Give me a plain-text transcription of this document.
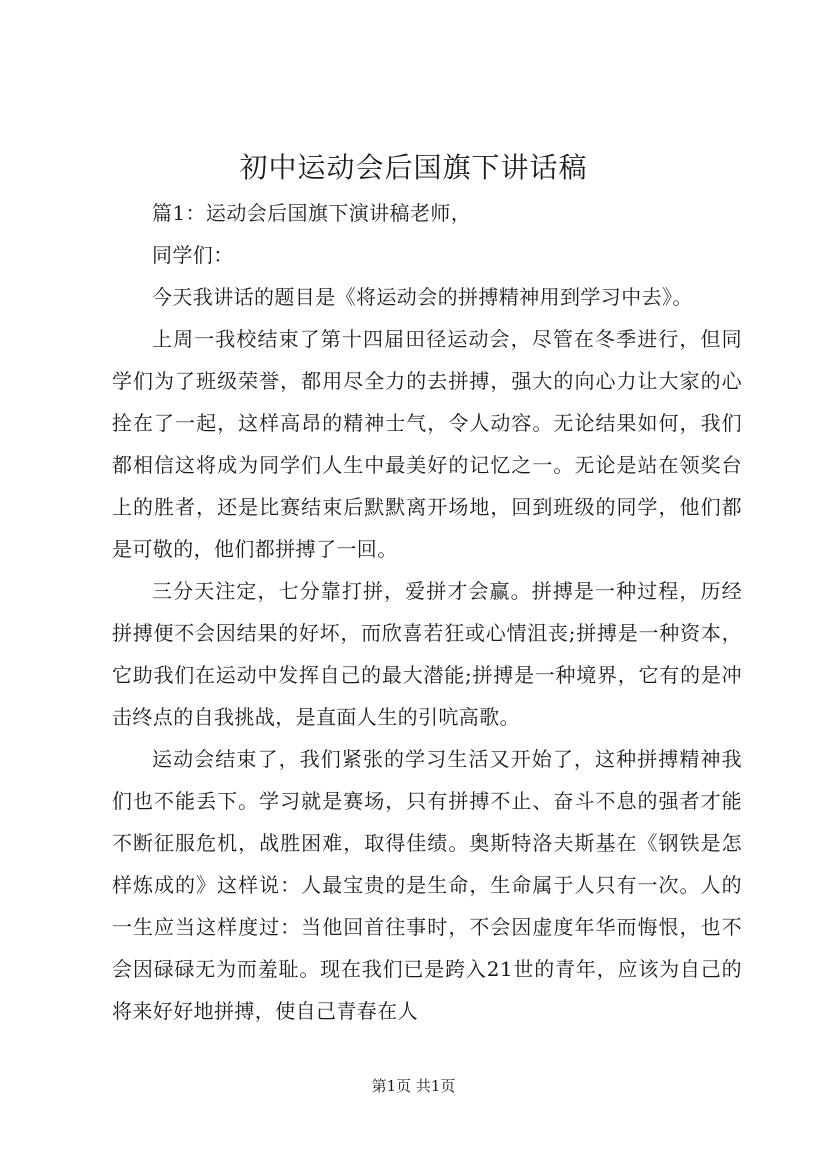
初中运动会后国旗下讲话稿

篇1：运动会后国旗下演讲稿老师，

同学们：

今天我讲话的题目是《将运动会的拼搏精神用到学习中去》。

上周一我校结束了第十四届田径运动会，尽管在冬季进行，但同学们为了班级荣誉，都用尽全力的去拼搏，强大的向心力让大家的心拴在了一起，这样高昂的精神士气，令人动容。无论结果如何，我们都相信这将成为同学们人生中最美好的记忆之一。无论是站在领奖台上的胜者，还是比赛结束后默默离开场地，回到班级的同学，他们都是可敬的，他们都拼搏了一回。

三分天注定，七分靠打拼，爱拼才会赢。拼搏是一种过程，历经拼搏便不会因结果的好坏，而欣喜若狂或心情沮丧;拼搏是一种资本，它助我们在运动中发挥自己的最大潜能;拼搏是一种境界，它有的是冲击终点的自我挑战，是直面人生的引吭高歌。

运动会结束了，我们紧张的学习生活又开始了，这种拼搏精神我们也不能丢下。学习就是赛场，只有拼搏不止、奋斗不息的强者才能不断征服危机，战胜困难，取得佳绩。奥斯特洛夫斯基在《钢铁是怎样炼成的》这样说：人最宝贵的是生命，生命属于人只有一次。人的一生应当这样度过：当他回首往事时，不会因虚度年华而悔恨，也不会因碌碌无为而羞耻。现在我们已是跨入21世的青年，应该为自己的将来好好地拼搏，使自己青春在人

第1页 共1页
